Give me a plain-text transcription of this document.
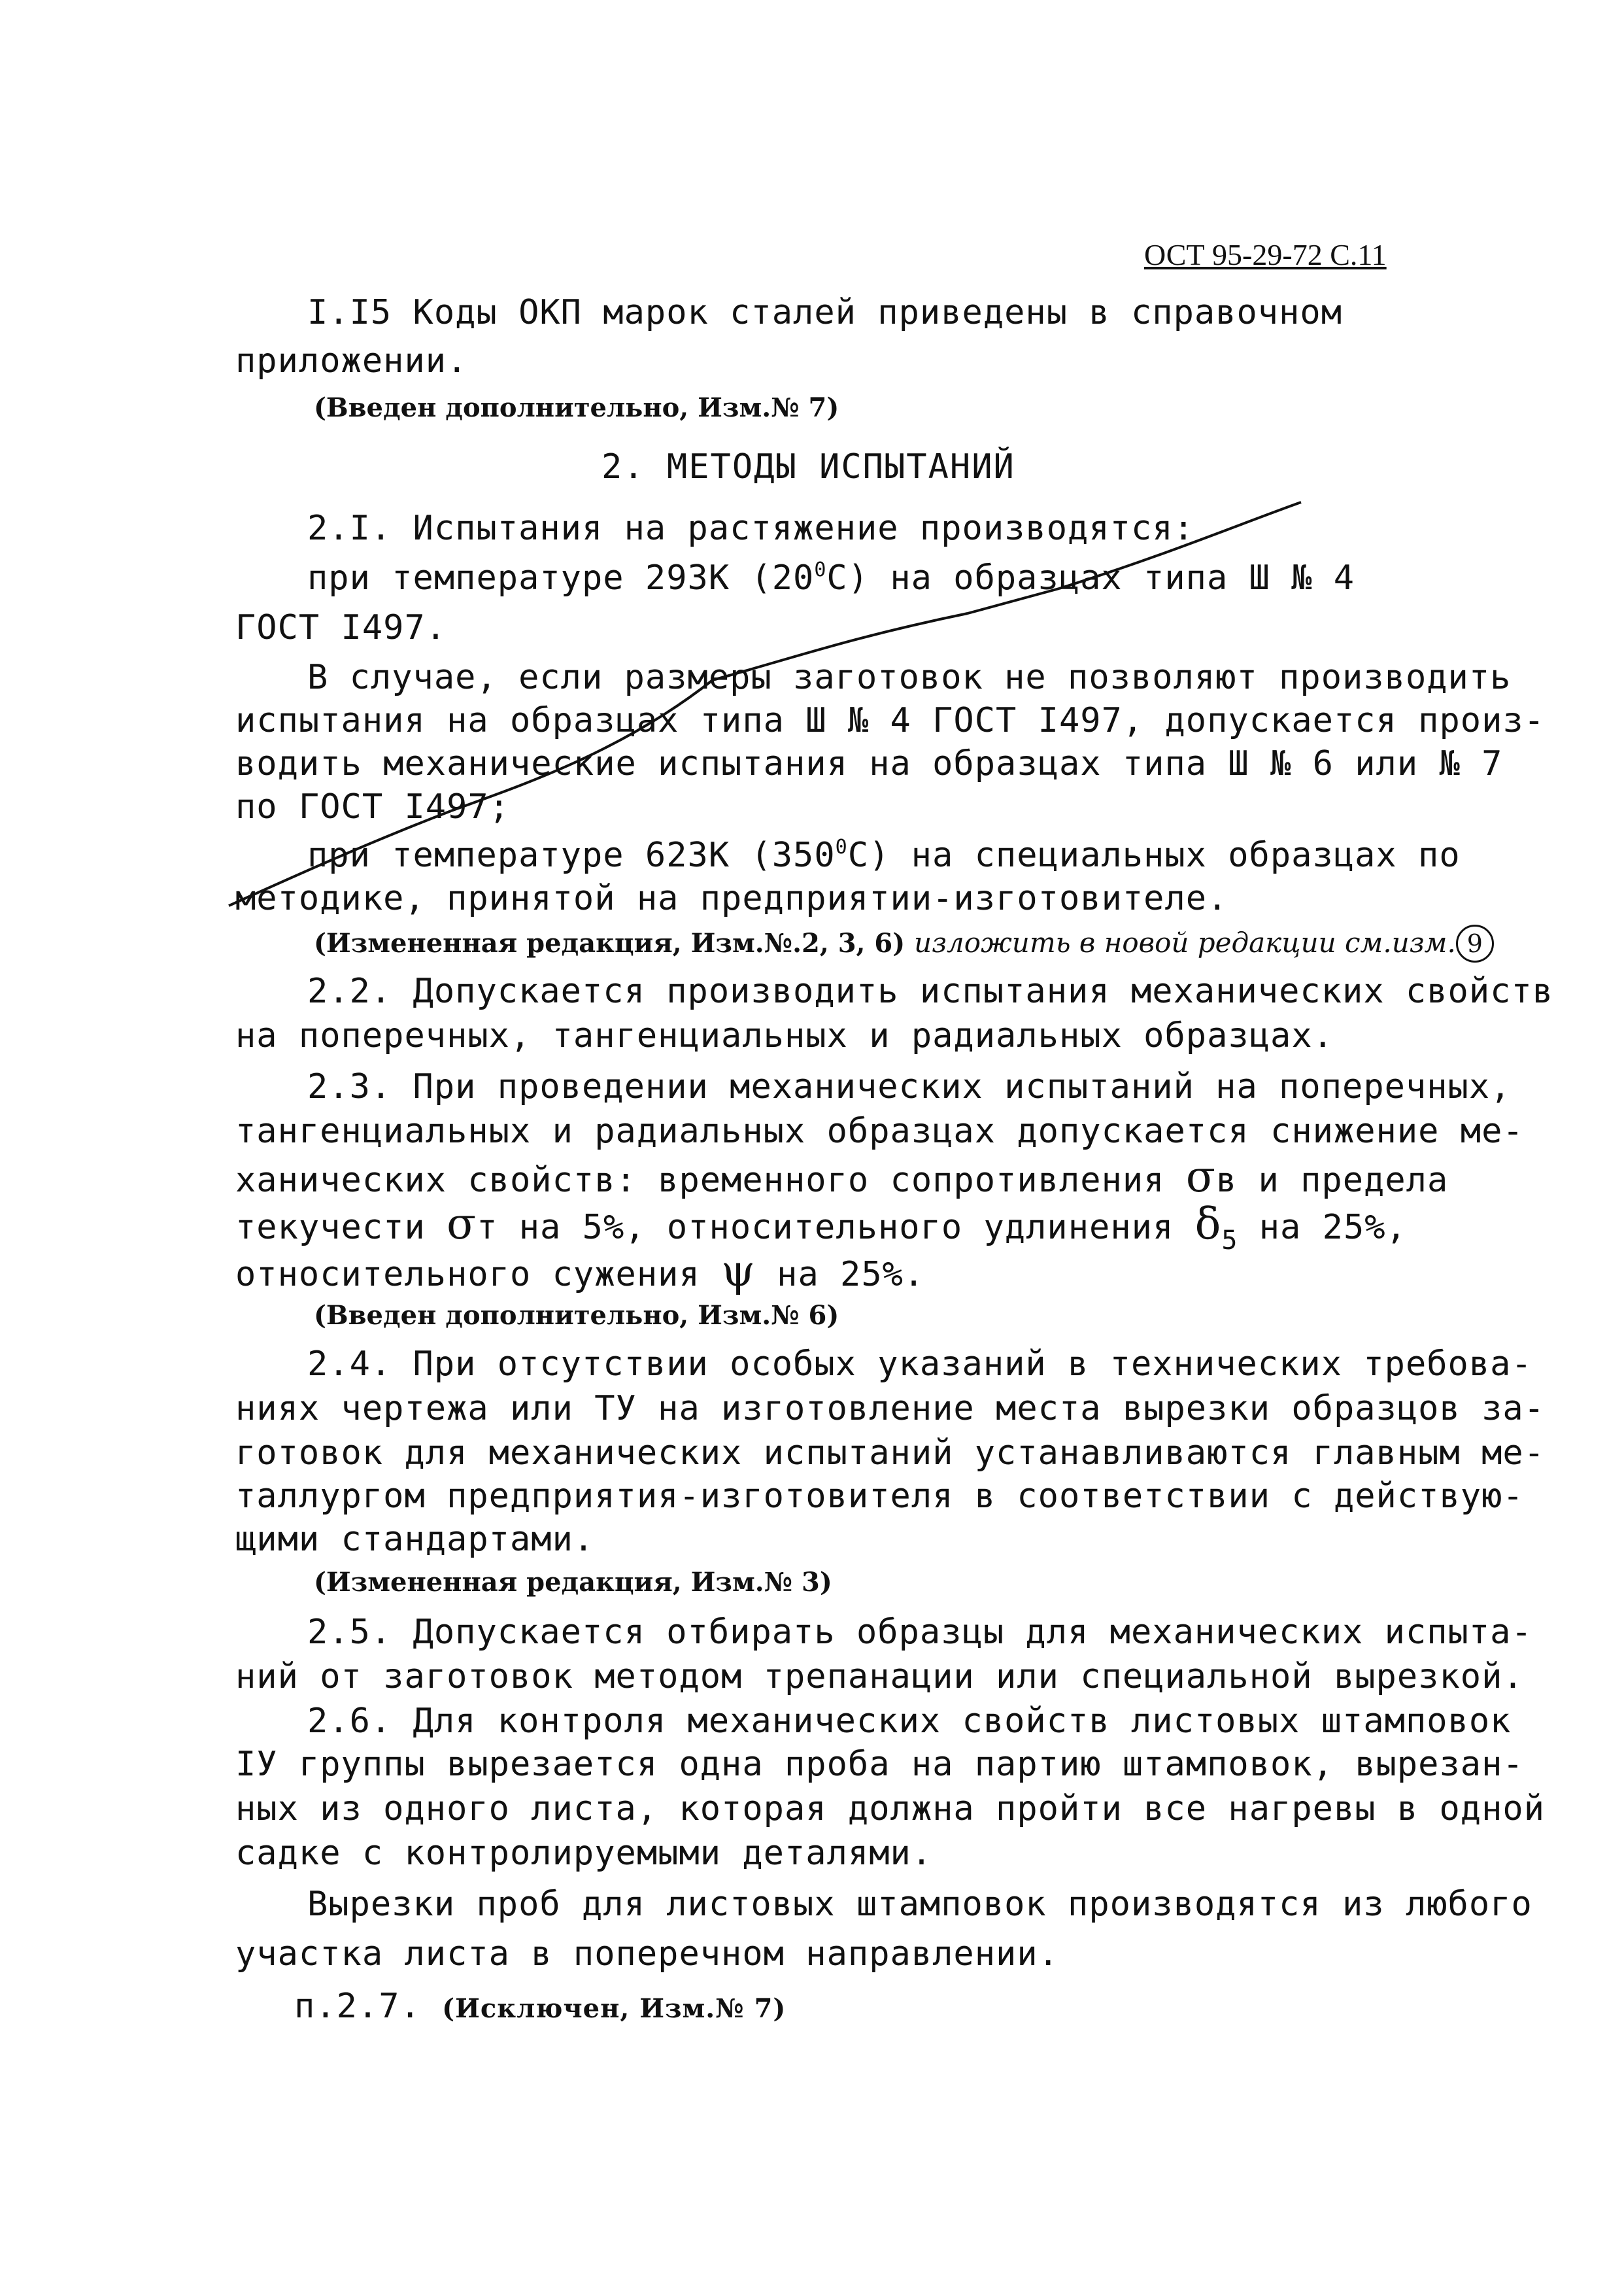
ОСТ 95-29-72 С.11
I.I5 Коды ОКП марок сталей приведены в справочном
приложении.
(Введен дополнительно, Изм.№ 7)
2. МЕТОДЫ ИСПЫТАНИЙ
2.I. Испытания на растяжение производятся:
при температуре 293К $(20^0С)$ на образцах типа Ш № 4
ГОСТ I497.
В случае, если размеры заготовок не позволяют производить
испытания на образцах типа Ш № 4 ГОСТ I497, допускается произ-
водить механические испытания на образцах типа Ш № 6 или № 7
по ГОСТ I497;
при температуре 623К $(350^0С)$ на специальных образцах по
методике, принятой на предприятии-изготовителе.
(Измененная редакция, Изм.№.2, 3, 6) изложить в новой редакции см.изм. 9
2.2. Допускается производить испытания механических свойств
на поперечных, тангенциальных и радиальных образцах.
2.3. При проведении механических испытаний на поперечных,
тангенциальных и радиальных образцах допускается снижение ме-
ханических свойств: временного сопротивления σв и предела
текучести σт на 5%, относительного удлинения $\delta_5$ на 25%,
относительного сужения ψ на 25%.
(Введен дополнительно, Изм.№ 6)
2.4. При отсутствии особых указаний в технических требова-
ниях чертежа или ТУ на изготовление места вырезки образцов за-
готовок для механических испытаний устанавливаются главным ме-
таллургом предприятия-изготовителя в соответствии с действую-
щими стандартами.
(Измененная редакция, Изм.№ 3)
2.5. Допускается отбирать образцы для механических испыта-
ний от заготовок методом трепанации или специальной вырезкой.
2.6. Для контроля механических свойств листовых штамповок
IУ группы вырезается одна проба на партию штамповок, вырезан-
ных из одного листа, которая должна пройти все нагревы в одной
садке с контролируемыми деталями.
Вырезки проб для листовых штамповок производятся из любого
участка листа в поперечном направлении.
п.2.7. (Исключен, Изм.№ 7)
